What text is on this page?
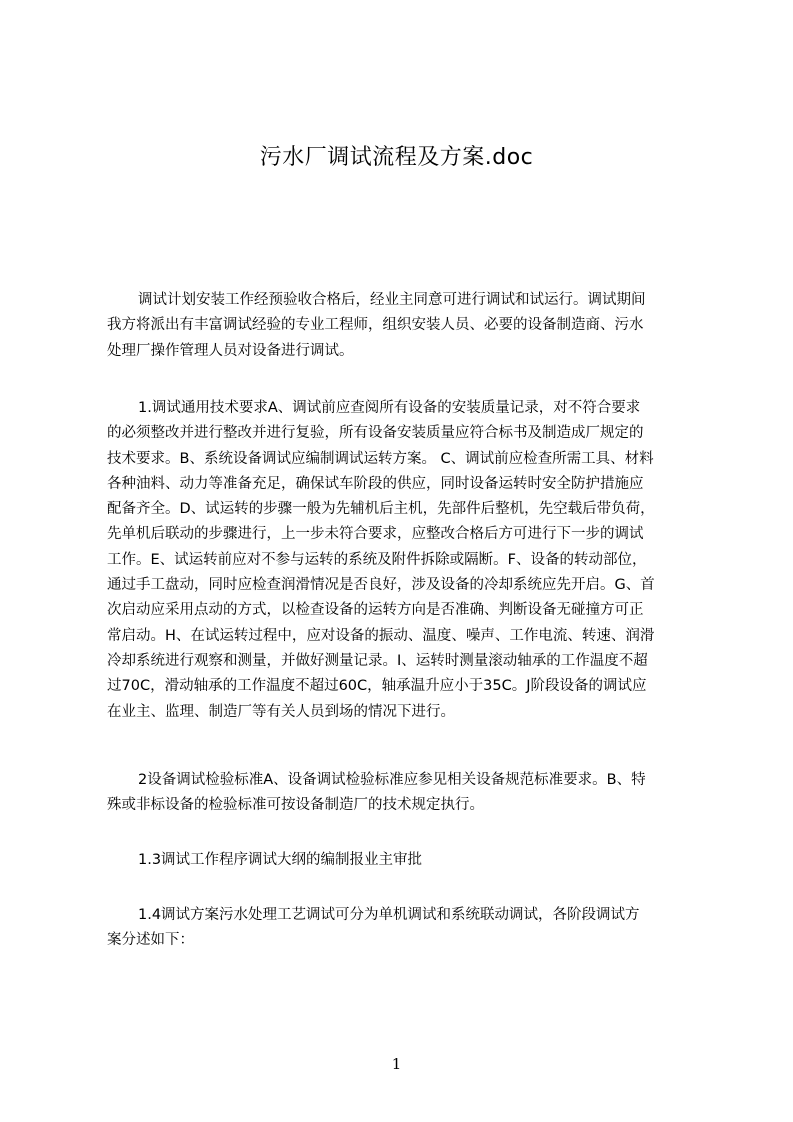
污水厂调试流程及方案.doc

调试计划安装工作经预验收合格后，经业主同意可进行调试和试运行。调试期间
我方将派出有丰富调试经验的专业工程师，组织安装人员、必要的设备制造商、污水
处理厂操作管理人员对设备进行调试。

1.调试通用技术要求A、调试前应查阅所有设备的安装质量记录，对不符合要求
的必须整改并进行整改并进行复验，所有设备安装质量应符合标书及制造成厂规定的
技术要求。B、系统设备调试应编制调试运转方案。 C、调试前应检查所需工具、材料
各种油料、动力等准备充足，确保试车阶段的供应，同时设备运转时安全防护措施应
配备齐全。D、试运转的步骤一般为先辅机后主机，先部件后整机，先空载后带负荷，
先单机后联动的步骤进行，上一步未符合要求，应整改合格后方可进行下一步的调试
工作。E、试运转前应对不参与运转的系统及附件拆除或隔断。F、设备的转动部位，
通过手工盘动，同时应检查润滑情况是否良好，涉及设备的冷却系统应先开启。G、首
次启动应采用点动的方式，以检查设备的运转方向是否准确、判断设备无碰撞方可正
常启动。H、在试运转过程中，应对设备的振动、温度、噪声、工作电流、转速、润滑
冷却系统进行观察和测量，并做好测量记录。I、运转时测量滚动轴承的工作温度不超
过70C，滑动轴承的工作温度不超过60C，轴承温升应小于35C。J阶段设备的调试应
在业主、监理、制造厂等有关人员到场的情况下进行。

2设备调试检验标准A、设备调试检验标准应参见相关设备规范标准要求。B、特
殊或非标设备的检验标准可按设备制造厂的技术规定执行。

1.3调试工作程序调试大纲的编制报业主审批

1.4调试方案污水处理工艺调试可分为单机调试和系统联动调试，各阶段调试方
案分述如下：

1
